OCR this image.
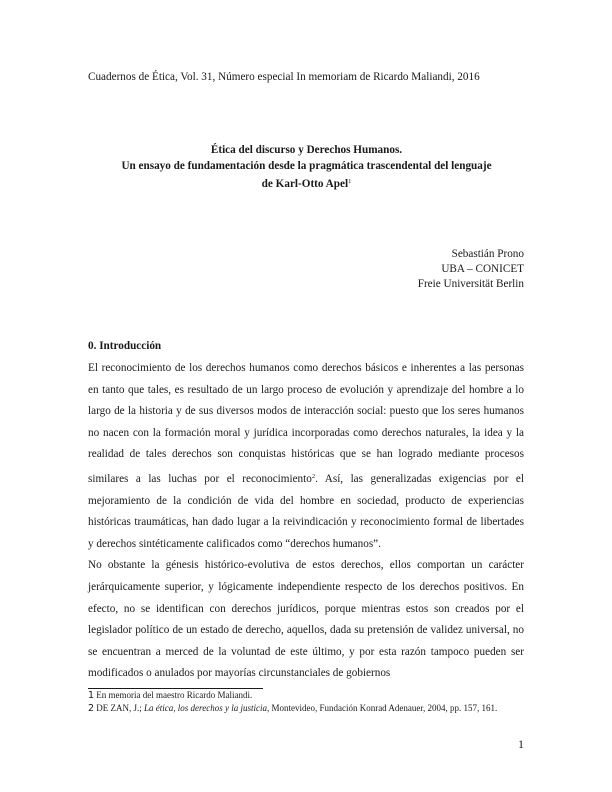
Cuadernos de Ética, Vol. 31, Número especial In memoriam de Ricardo Maliandi, 2016
Ética del discurso y Derechos Humanos.
Un ensayo de fundamentación desde la pragmática trascendental del lenguaje
de Karl-Otto Apel$^1$
Sebastián Prono
UBA – CONICET
Freie Universität Berlin
0. Introducción

El reconocimiento de los derechos humanos como derechos básicos e inherentes a las personas en tanto que tales, es resultado de un largo proceso de evolución y aprendizaje del hombre a lo largo de la historia y de sus diversos modos de interacción social: puesto que los seres humanos no nacen con la formación moral y jurídica incorporadas como derechos naturales, la idea y la realidad de tales derechos son conquistas históricas que se han logrado mediante procesos similares a las luchas por el reconocimiento$^2$. Así, las generalizadas exigencias por el mejoramiento de la condición de vida del hombre en sociedad, producto de experiencias históricas traumáticas, han dado lugar a la reivindicación y reconocimiento formal de libertades y derechos sintéticamente calificados como “derechos humanos”.

No obstante la génesis histórico-evolutiva de estos derechos, ellos comportan un carácter jerárquicamente superior, y lógicamente independiente respecto de los derechos positivos. En efecto, no se identifican con derechos jurídicos, porque mientras estos son creados por el legislador político de un estado de derecho, aquellos, dada su pretensión de validez universal, no se encuentran a merced de la voluntad de este último, y por esta razón tampoco pueden ser modificados o anulados por mayorías circunstanciales de gobiernos

1 En memoria del maestro Ricardo Maliandi.

2 DE ZAN, J.; La ética, los derechos y la justicia, Montevideo, Fundación Konrad Adenauer, 2004, pp. 157, 161.

1
